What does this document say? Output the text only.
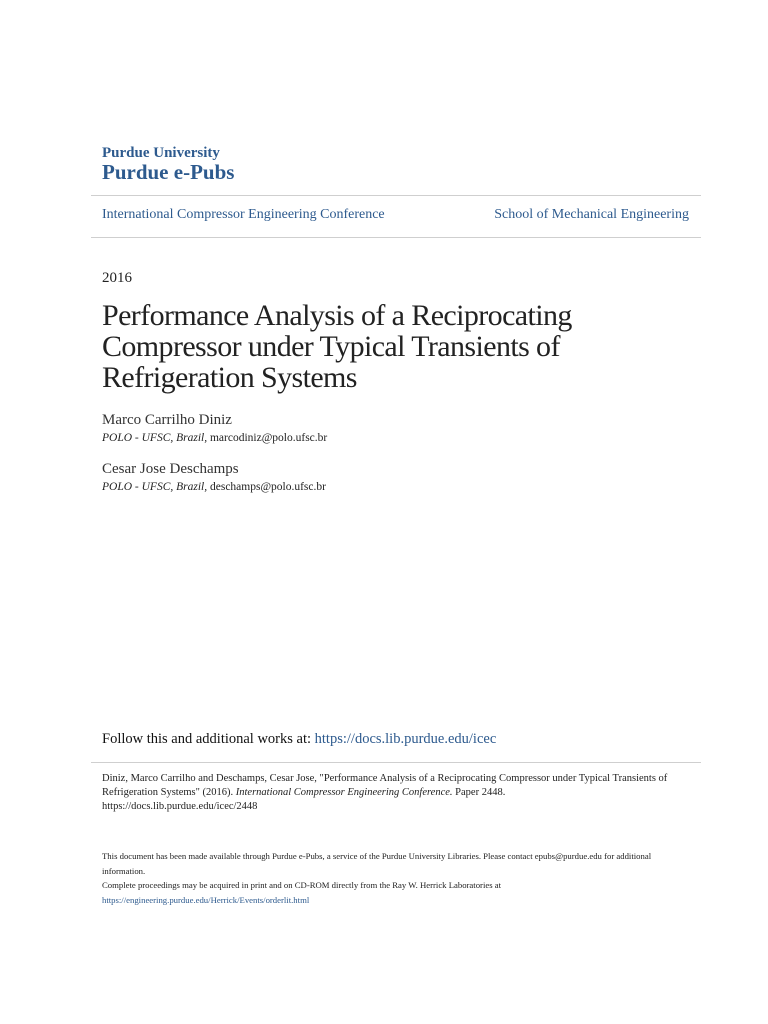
Purdue University
Purdue e-Pubs
International Compressor Engineering Conference	School of Mechanical Engineering
2016
Performance Analysis of a Reciprocating Compressor under Typical Transients of Refrigeration Systems
Marco Carrilho Diniz
POLO - UFSC, Brazil, marcodiniz@polo.ufsc.br
Cesar Jose Deschamps
POLO - UFSC, Brazil, deschamps@polo.ufsc.br
Follow this and additional works at: https://docs.lib.purdue.edu/icec
Diniz, Marco Carrilho and Deschamps, Cesar Jose, "Performance Analysis of a Reciprocating Compressor under Typical Transients of Refrigeration Systems" (2016). International Compressor Engineering Conference. Paper 2448.
https://docs.lib.purdue.edu/icec/2448
This document has been made available through Purdue e-Pubs, a service of the Purdue University Libraries. Please contact epubs@purdue.edu for additional information.
Complete proceedings may be acquired in print and on CD-ROM directly from the Ray W. Herrick Laboratories at https://engineering.purdue.edu/Herrick/Events/orderlit.html
